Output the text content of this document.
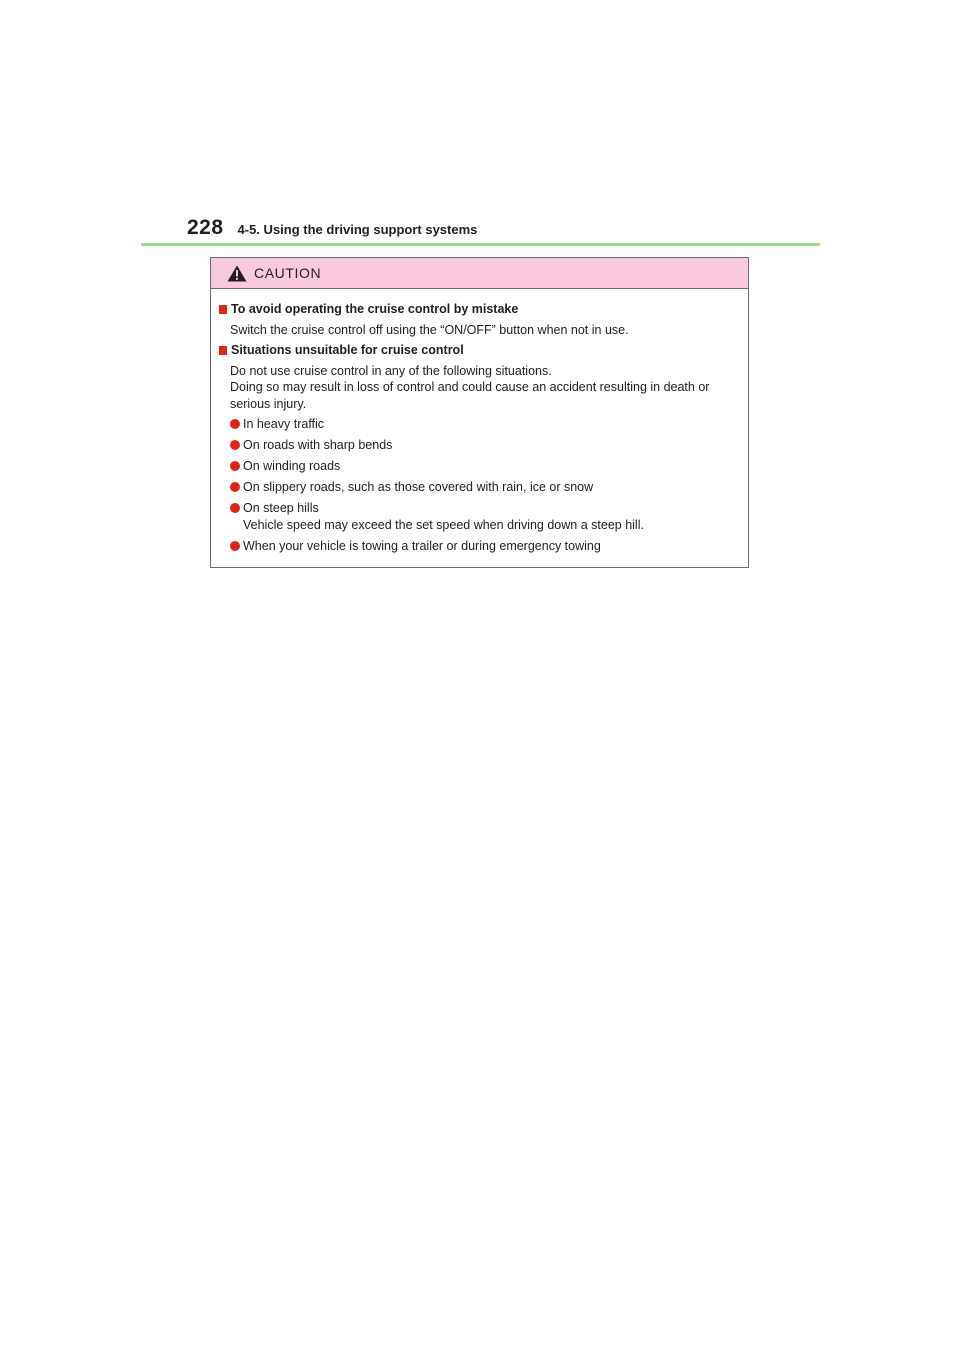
228 4-5. Using the driving support systems
CAUTION
To avoid operating the cruise control by mistake
Switch the cruise control off using the “ON/OFF” button when not in use.
Situations unsuitable for cruise control
Do not use cruise control in any of the following situations.
Doing so may result in loss of control and could cause an accident resulting in death or serious injury.
In heavy traffic
On roads with sharp bends
On winding roads
On slippery roads, such as those covered with rain, ice or snow
On steep hills
Vehicle speed may exceed the set speed when driving down a steep hill.
When your vehicle is towing a trailer or during emergency towing
